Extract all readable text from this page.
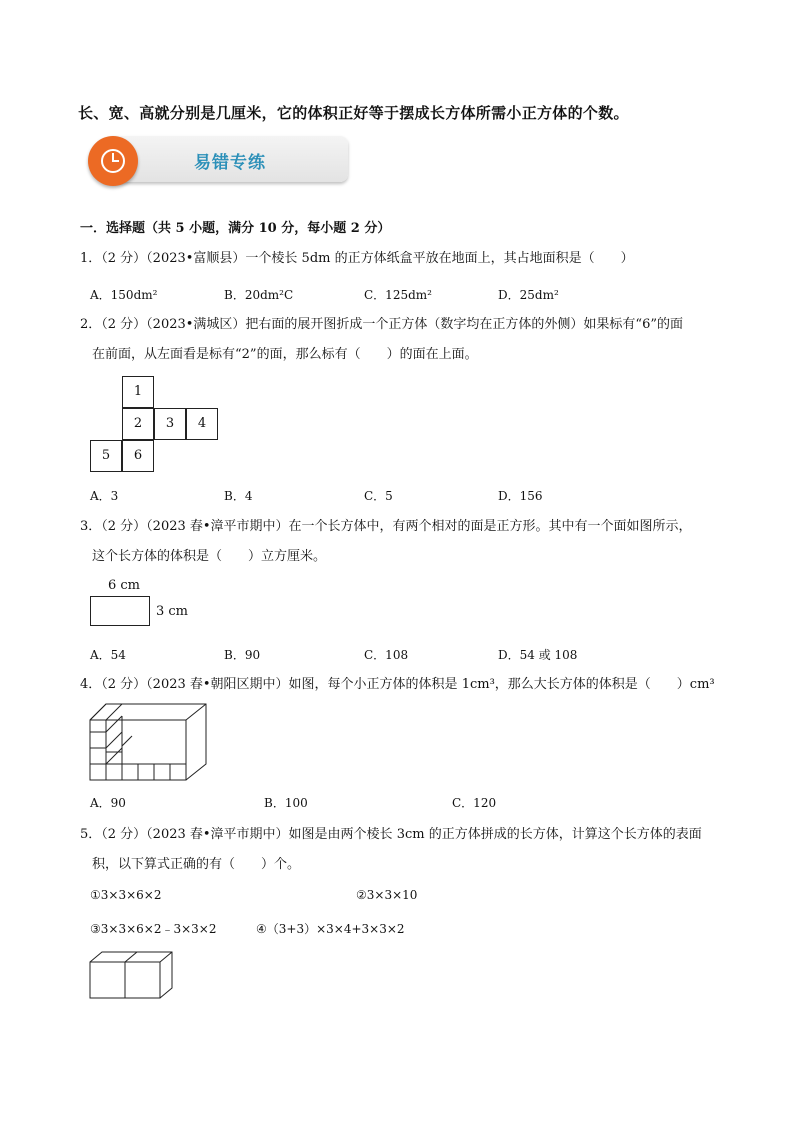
长、宽、高就分别是几厘米，它的体积正好等于摆成长方体所需小正方体的个数。
易错专练
一．选择题（共 5 小题，满分 10 分，每小题 2 分）
1．（2 分）（2023•富顺县）一个棱长 5dm 的正方体纸盒平放在地面上，其占地面积是（　　）
A．150dm²	B．20dm²C	C．125dm²	D．25dm²
2．（2 分）（2023•满城区）把右面的展开图折成一个正方体（数字均在正方体的外侧）如果标有“6”的面
在前面，从左面看是标有“2”的面，那么标有（　　）的面在上面。
1
2	3	4
5	6
A．3	B．4	C．5	D．156
3．（2 分）（2023 春•漳平市期中）在一个长方体中，有两个相对的面是正方形。其中有一个面如图所示，
这个长方体的体积是（　　）立方厘米。
6 cm
3 cm
A．54	B．90	C．108	D．54 或 108
4．（2 分）（2023 春•朝阳区期中）如图，每个小正方体的体积是 1cm³，那么大长方体的体积是（　　）cm³
A．90	B．100	C．120
5．（2 分）（2023 春•漳平市期中）如图是由两个棱长 3cm 的正方体拼成的长方体，计算这个长方体的表面
积，以下算式正确的有（　　）个。
①3×3×6×2	②3×3×10
③3×3×6×2﹣3×3×2	④（3+3）×3×4+3×3×2
